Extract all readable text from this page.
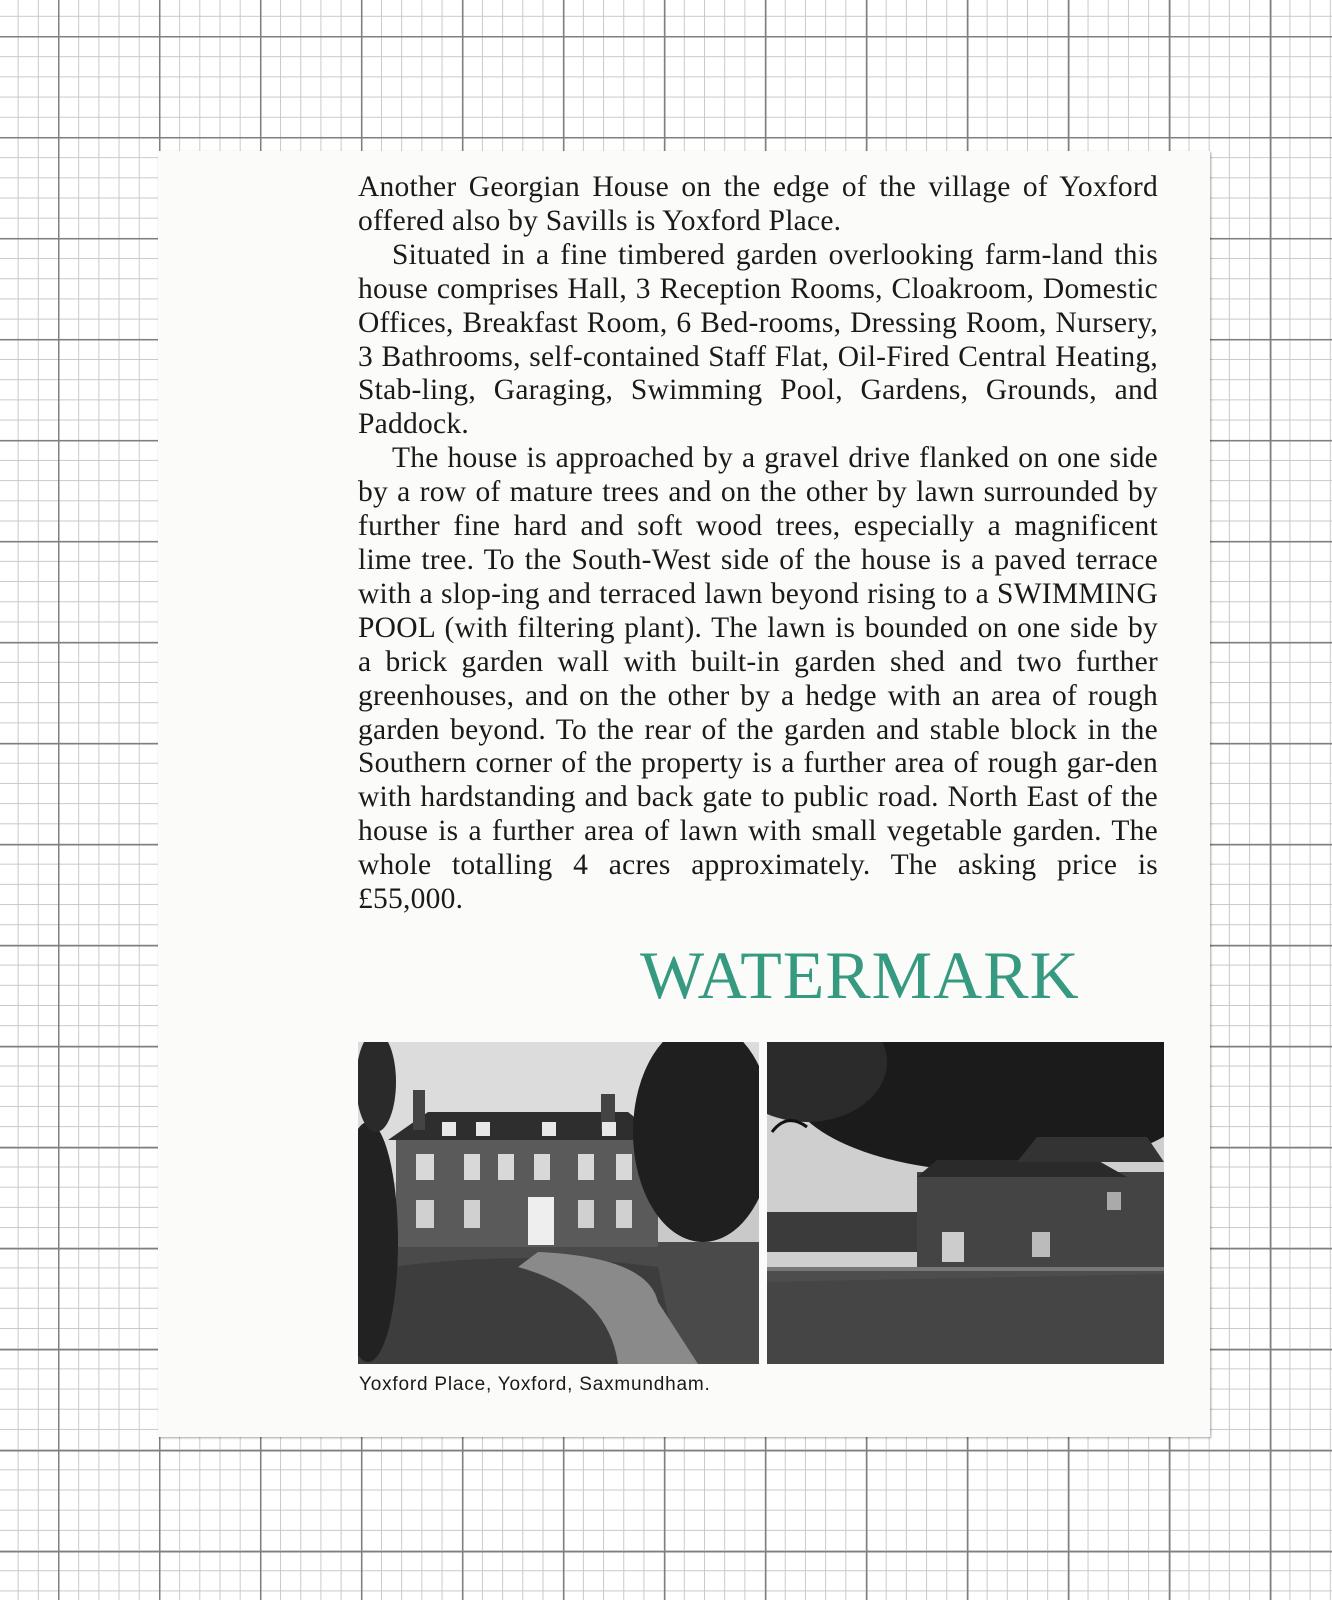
Another Georgian House on the edge of the village of Yoxford offered also by Savills is Yoxford Place.

Situated in a fine timbered garden overlooking farm-land this house comprises Hall, 3 Reception Rooms, Cloakroom, Domestic Offices, Breakfast Room, 6 Bed-rooms, Dressing Room, Nursery, 3 Bathrooms, self-contained Staff Flat, Oil-Fired Central Heating, Stab-ling, Garaging, Swimming Pool, Gardens, Grounds, and Paddock.

The house is approached by a gravel drive flanked on one side by a row of mature trees and on the other by lawn surrounded by further fine hard and soft wood trees, especially a magnificent lime tree. To the South-West side of the house is a paved terrace with a slop-ing and terraced lawn beyond rising to a SWIMMING POOL (with filtering plant). The lawn is bounded on one side by a brick garden wall with built-in garden shed and two further greenhouses, and on the other by a hedge with an area of rough garden beyond. To the rear of the garden and stable block in the Southern corner of the property is a further area of rough gar-den with hardstanding and back gate to public road. North East of the house is a further area of lawn with small vegetable garden. The whole totalling 4 acres approximately. The asking price is £55,000.

Yoxford Place, Yoxford, Saxmundham.
WATERMARK
